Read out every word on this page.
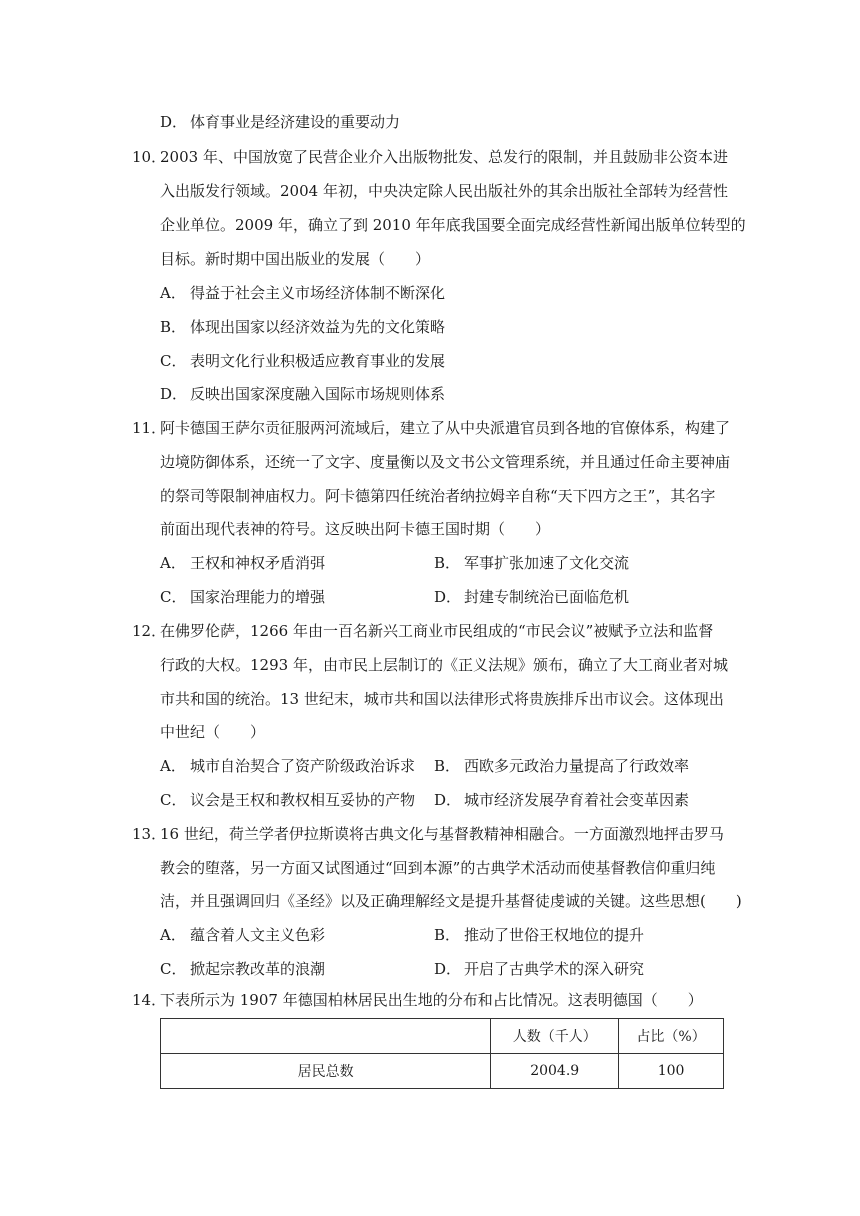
D． 体育事业是经济建设的重要动力
10．
2003 年、中国放宽了民营企业介入出版物批发、总发行的限制，并且鼓励非公资本进
入出版发行领域。2004 年初，中央决定除人民出版社外的其余出版社全部转为经营性
企业单位。2009 年，确立了到 2010 年年底我国要全面完成经营性新闻出版单位转型的
目标。新时期中国出版业的发展（　　）
A． 得益于社会主义市场经济体制不断深化
B． 体现出国家以经济效益为先的文化策略
C． 表明文化行业积极适应教育事业的发展
D． 反映出国家深度融入国际市场规则体系
11．
阿卡德国王萨尔贡征服两河流域后，建立了从中央派遣官员到各地的官僚体系，构建了
边境防御体系，还统一了文字、度量衡以及文书公文管理系统，并且通过任命主要神庙
的祭司等限制神庙权力。阿卡德第四任统治者纳拉姆辛自称“天下四方之王”，其名字
前面出现代表神的符号。这反映出阿卡德王国时期（　　）
A． 王权和神权矛盾消弭	B． 军事扩张加速了文化交流
C． 国家治理能力的增强	D． 封建专制统治已面临危机
12．
在佛罗伦萨，1266 年由一百名新兴工商业市民组成的“市民会议”被赋予立法和监督
行政的大权。1293 年，由市民上层制订的《正义法规》颁布，确立了大工商业者对城
市共和国的统治。13 世纪末，城市共和国以法律形式将贵族排斥出市议会。这体现出
中世纪（　　）
A． 城市自治契合了资产阶级政治诉求 B． 西欧多元政治力量提高了行政效率
C． 议会是王权和教权相互妥协的产物 D． 城市经济发展孕育着社会变革因素
13．
16 世纪，荷兰学者伊拉斯谟将古典文化与基督教精神相融合。一方面激烈地抨击罗马
教会的堕落，另一方面又试图通过“回到本源”的古典学术活动而使基督教信仰重归纯
洁，并且强调回归《圣经》以及正确理解经文是提升基督徒虔诚的关键。这些思想(　　)
A． 蕴含着人文主义色彩	B． 推动了世俗王权地位的提升
C． 掀起宗教改革的浪潮	D． 开启了古典学术的深入研究
14．
下表所示为 1907 年德国柏林居民出生地的分布和占比情况。这表明德国（　　）
	人数（千人）	占比（%）
居民总数	2004.9	100
